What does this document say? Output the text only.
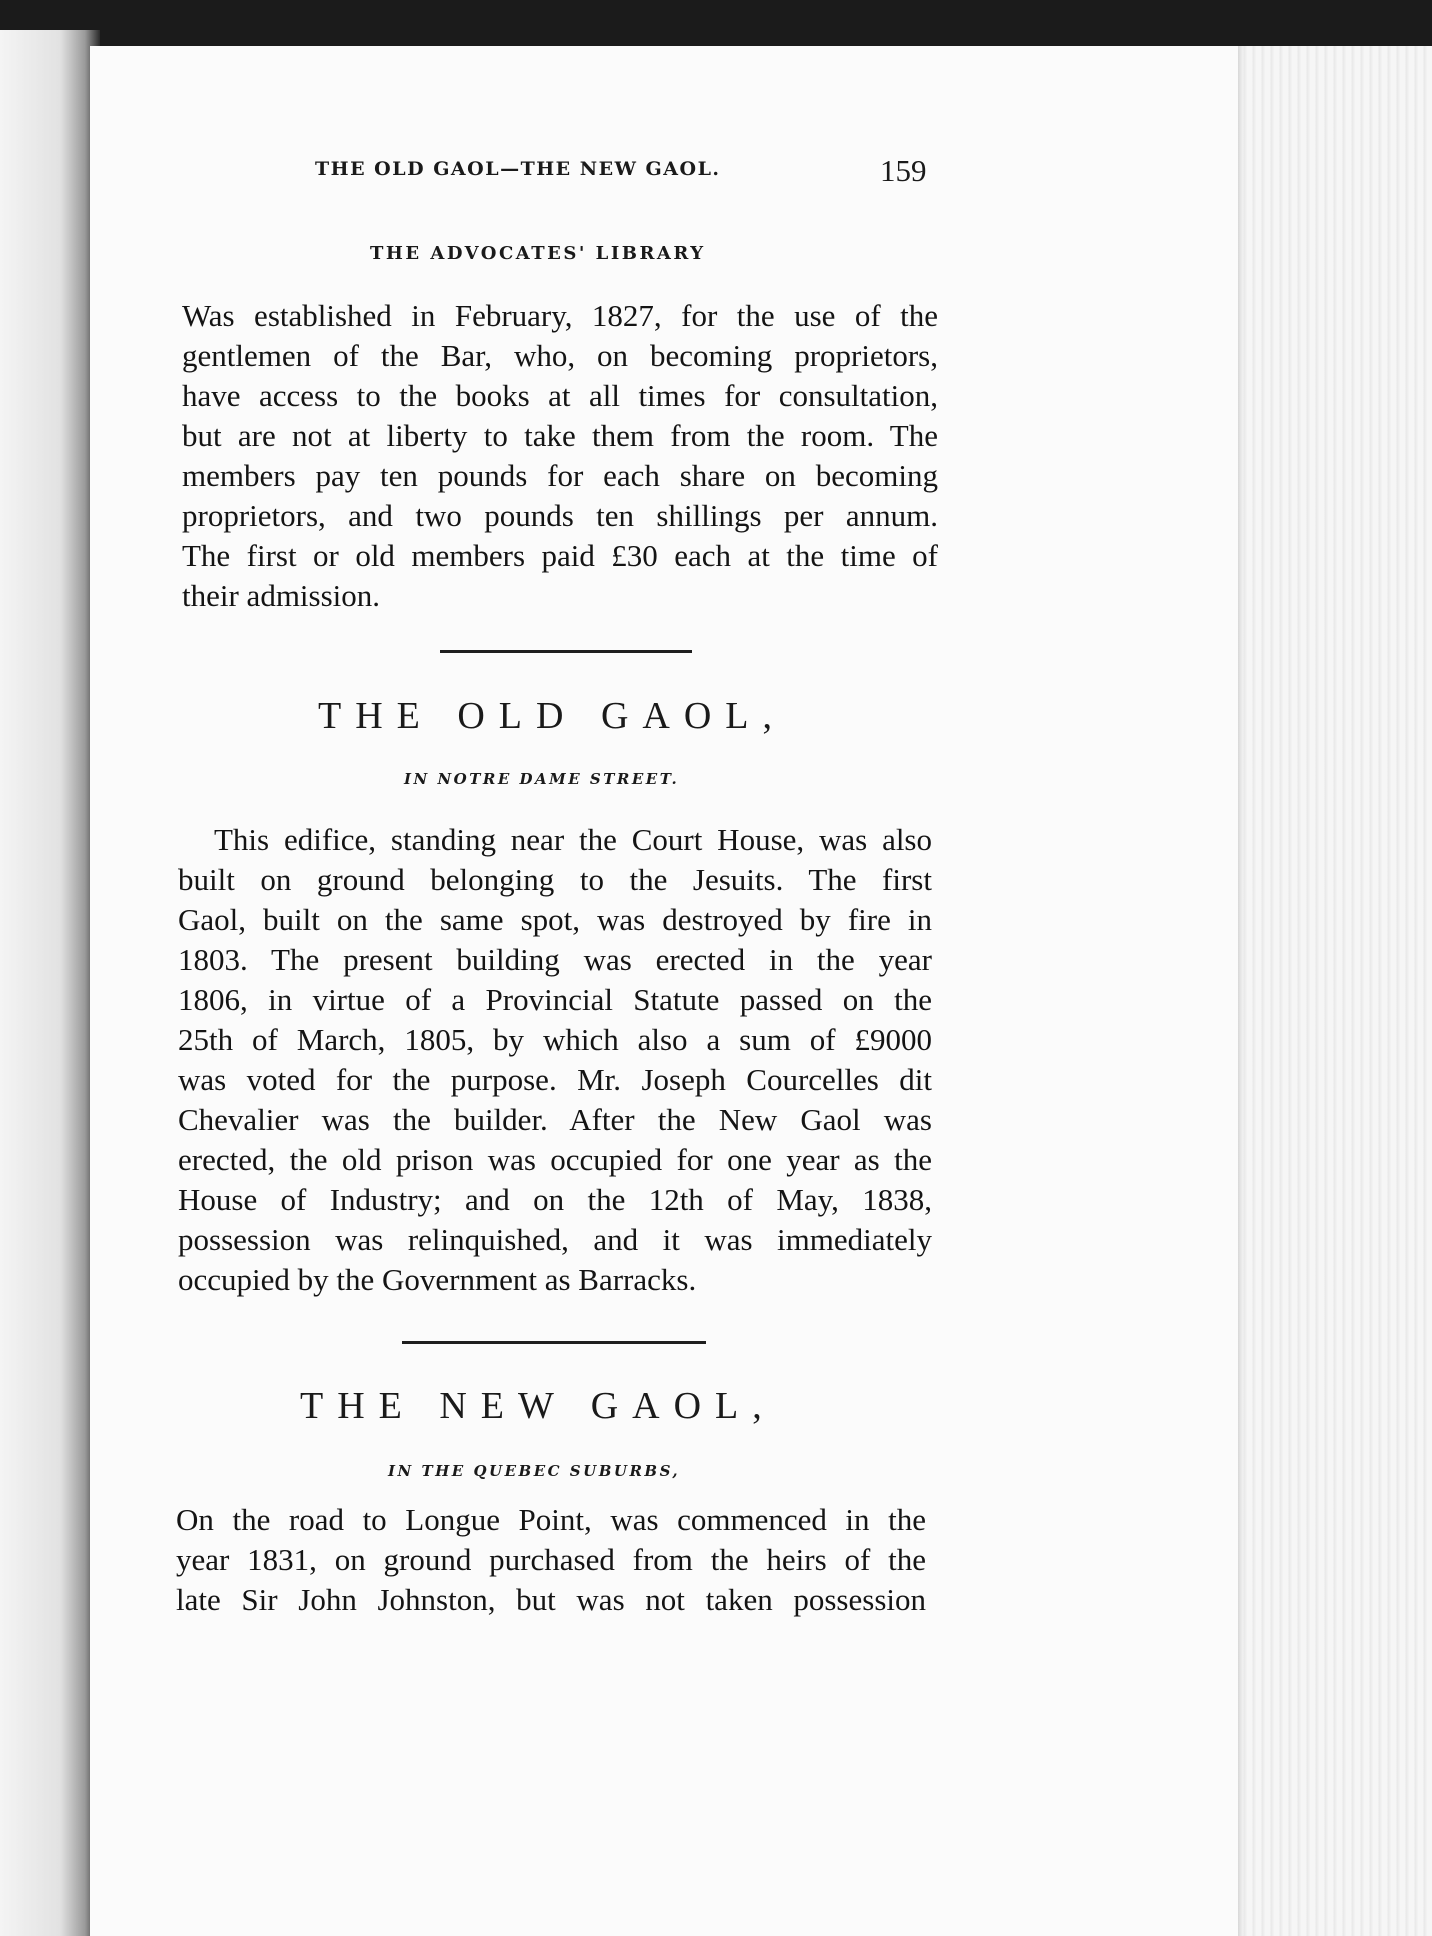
THE OLD GAOL—THE NEW GAOL.	159
THE ADVOCATES' LIBRARY
Was established in February, 1827, for the use of the
gentlemen of the Bar, who, on becoming proprietors,
have access to the books at all times for consultation,
but are not at liberty to take them from the room. The
members pay ten pounds for each share on becoming
proprietors, and two pounds ten shillings per annum.
The first or old members paid £30 each at the time of
their admission.
THE OLD GAOL,
IN NOTRE DAME STREET.
This edifice, standing near the Court House, was also
built on ground belonging to the Jesuits. The first
Gaol, built on the same spot, was destroyed by fire in
1803. The present building was erected in the year
1806, in virtue of a Provincial Statute passed on the
25th of March, 1805, by which also a sum of £9000
was voted for the purpose. Mr. Joseph Courcelles dit
Chevalier was the builder. After the New Gaol was
erected, the old prison was occupied for one year as the
House of Industry; and on the 12th of May, 1838,
possession was relinquished, and it was immediately
occupied by the Government as Barracks.
THE NEW GAOL,
IN THE QUEBEC SUBURBS,
On the road to Longue Point, was commenced in the
year 1831, on ground purchased from the heirs of the
late Sir John Johnston, but was not taken possession
